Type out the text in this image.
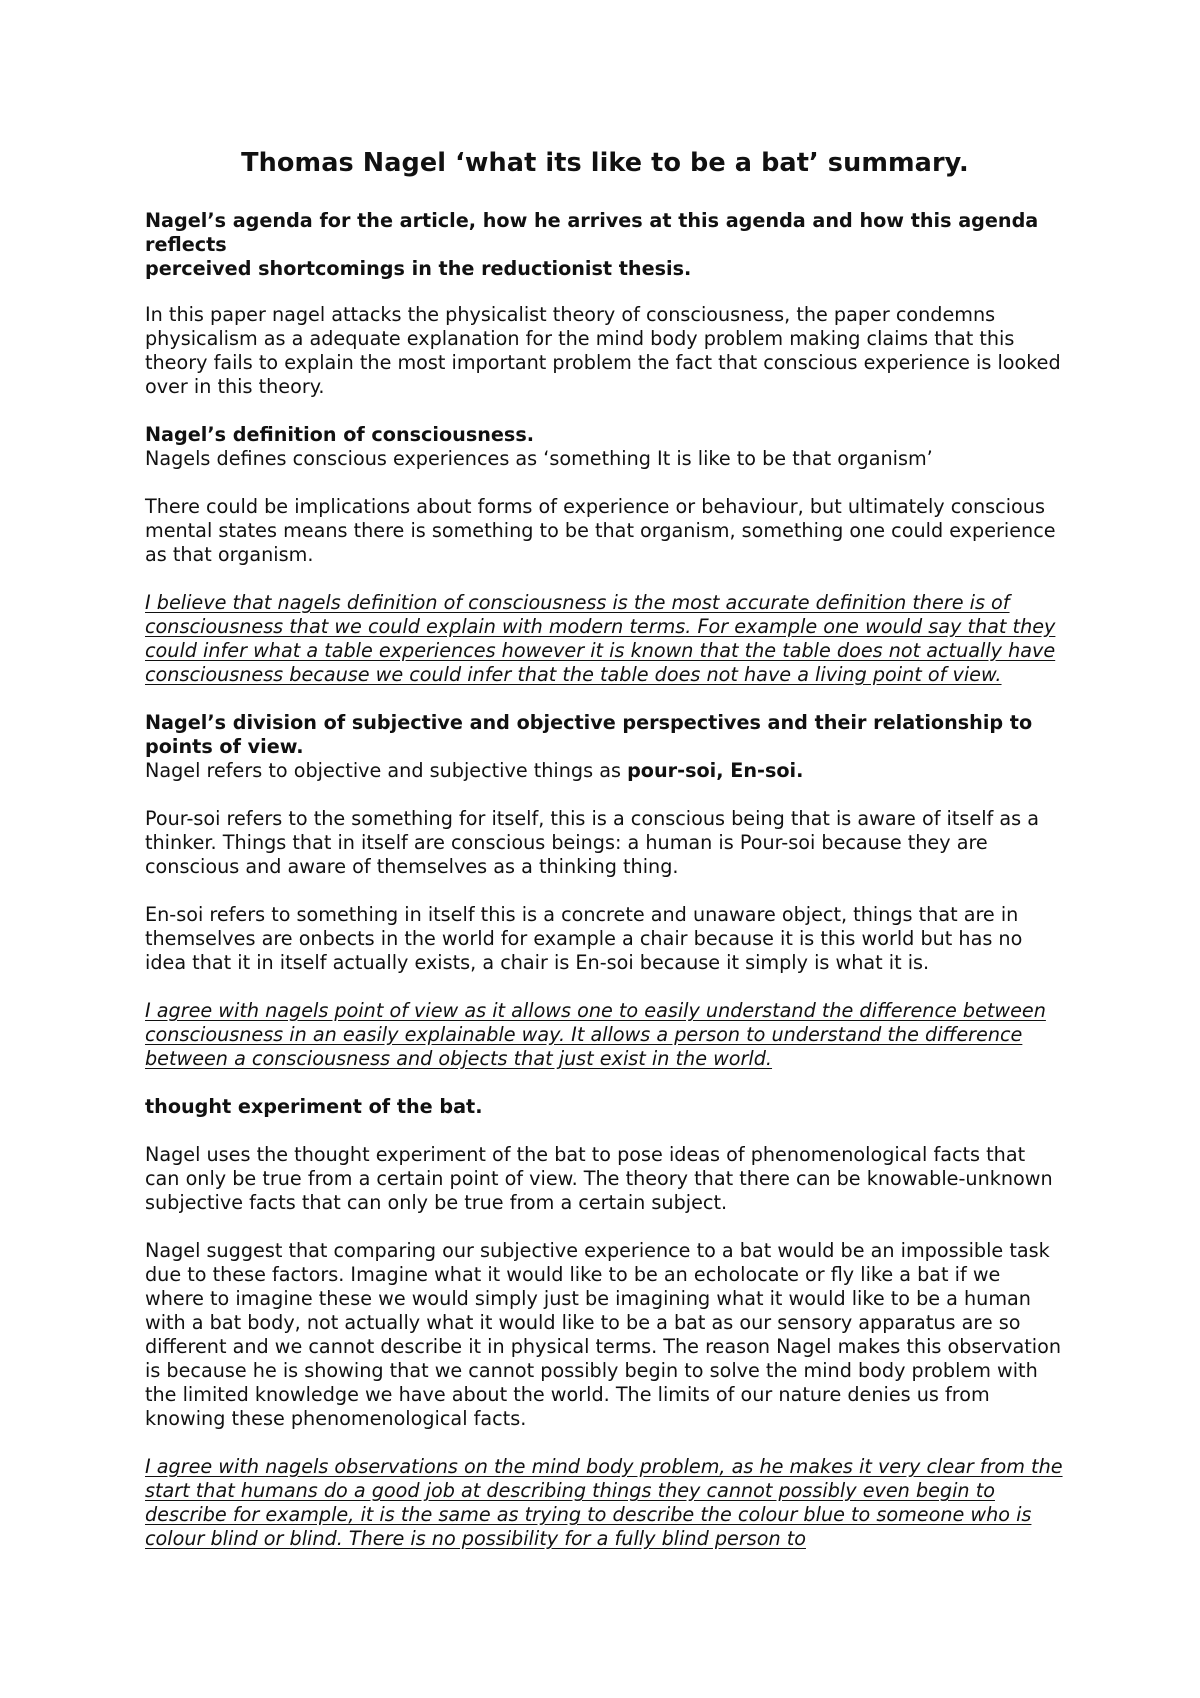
Thomas Nagel ‘what its like to be a bat’ summary.

Nagel’s agenda for the article, how he arrives at this agenda and how this agenda reflects
perceived shortcomings in the reductionist thesis.

In this paper nagel attacks the physicalist theory of consciousness, the paper condemns physicalism as a adequate explanation for the mind body problem making claims that this theory fails to explain the most important problem the fact that conscious experience is looked over in this theory.

Nagel’s definition of consciousness.

Nagels defines conscious experiences as ‘something It is like to be that organism’

There could be implications about forms of experience or behaviour, but ultimately conscious mental states means there is something to be that organism, something one could experience as that organism.

I believe that nagels definition of consciousness is the most accurate definition there is of consciousness that we could explain with modern terms. For example one would say that they could infer what a table experiences however it is known that the table does not actually have consciousness because we could infer that the table does not have a living point of view.

Nagel’s division of subjective and objective perspectives and their relationship to points of view.

Nagel refers to objective and subjective things as pour-soi, En-soi.

Pour-soi refers to the something for itself, this is a conscious being that is aware of itself as a thinker. Things that in itself are conscious beings: a human is Pour-soi because they are conscious and aware of themselves as a thinking thing.

En-soi refers to something in itself this is a concrete and unaware object, things that are in themselves are onbects in the world for example a chair because it is this world but has no idea that it in itself actually exists, a chair is En-soi because it simply is what it is.

I agree with nagels point of view as it allows one to easily understand the difference between consciousness in an easily explainable way. It allows a person to understand the difference between a consciousness and objects that just exist in the world.

thought experiment of the bat.

Nagel uses the thought experiment of the bat to pose ideas of phenomenological facts that can only be true from a certain point of view. The theory that there can be knowable-unknown subjective facts that can only be true from a certain subject.

Nagel suggest that comparing our subjective experience to a bat would be an impossible task due to these factors. Imagine what it would like to be an echolocate or fly like a bat if we where to imagine these we would simply just be imagining what it would like to be a human with a bat body, not actually what it would like to be a bat as our sensory apparatus are so different and we cannot describe it in physical terms. The reason Nagel makes this observation is because he is showing that we cannot possibly begin to solve the mind body problem with the limited knowledge we have about the world. The limits of our nature denies us from knowing these phenomenological facts.

I agree with nagels observations on the mind body problem, as he makes it very clear from the start that humans do a good job at describing things they cannot possibly even begin to describe for example, it is the same as trying to describe the colour blue to someone who is colour blind or blind. There is no possibility for a fully blind person to
